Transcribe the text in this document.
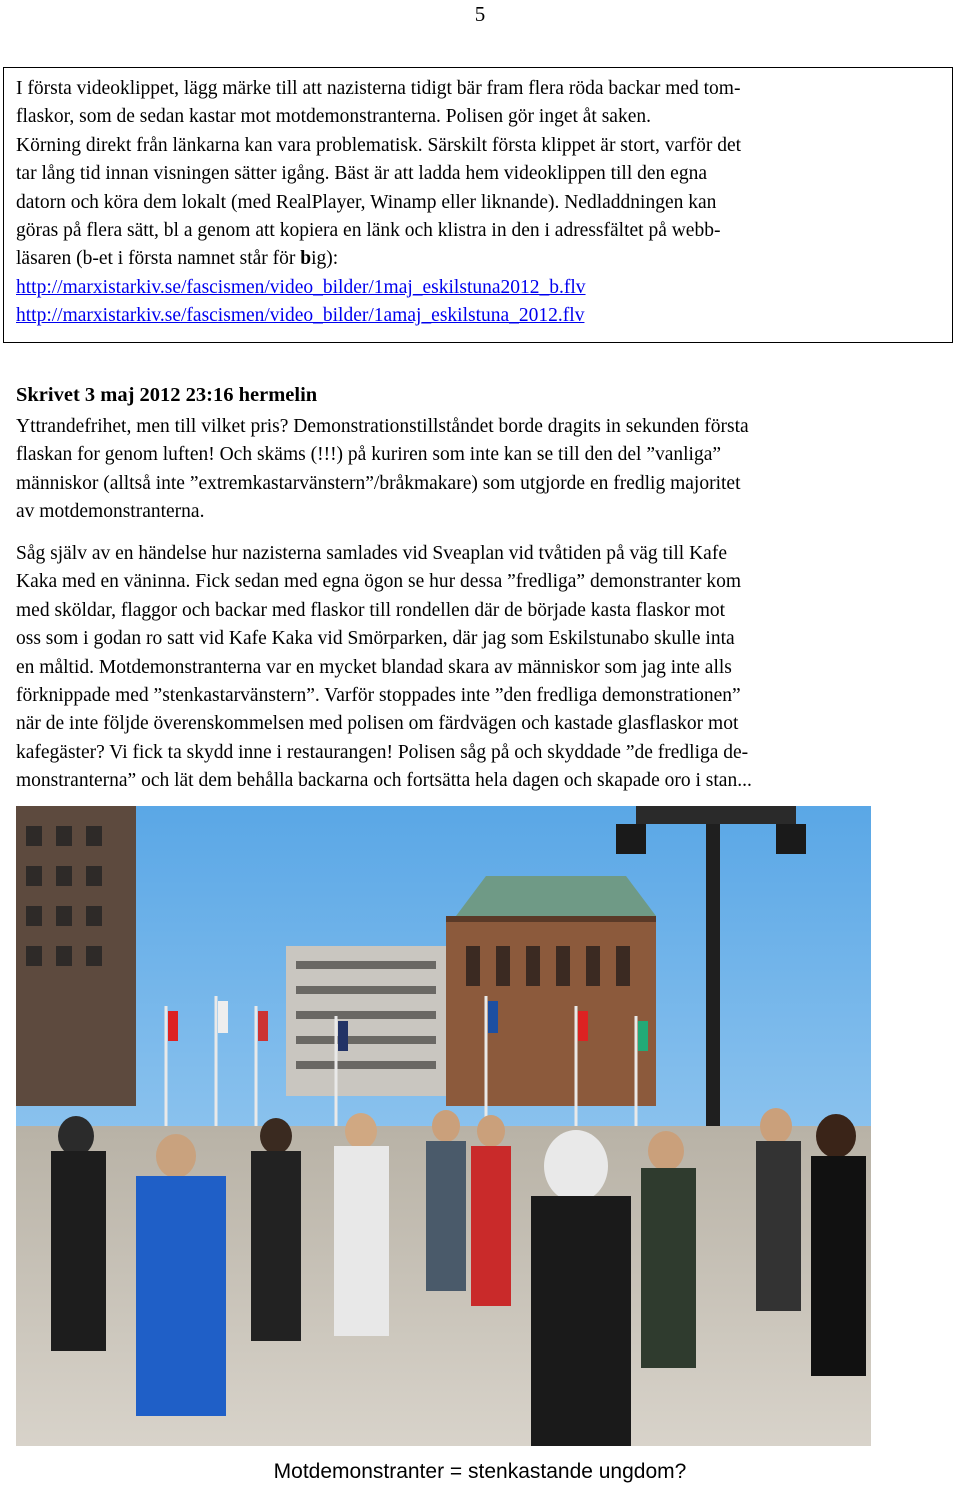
5

I första videoklippet, lägg märke till att nazisterna tidigt bär fram flera röda backar med tom-
flaskor, som de sedan kastar mot motdemonstranterna. Polisen gör inget åt saken.

Körning direkt från länkarna kan vara problematisk. Särskilt första klippet är stort, varför det
tar lång tid innan visningen sätter igång. Bäst är att ladda hem videoklippen till den egna
datorn och köra dem lokalt (med RealPlayer, Winamp eller liknande). Nedladdningen kan
göras på flera sätt, bl a genom att kopiera en länk och klistra in den i adressfältet på webb-
läsaren (b-et i första namnet står för big):
http://marxistarkiv.se/fascismen/video_bilder/1maj_eskilstuna2012_b.flv
http://marxistarkiv.se/fascismen/video_bilder/1amaj_eskilstuna_2012.flv

Skrivet 3 maj 2012 23:16 hermelin

Yttrandefrihet, men till vilket pris? Demonstrationstillståndet borde dragits in sekunden första
flaskan for genom luften! Och skäms (!!!) på kuriren som inte kan se till den del ”vanliga”
människor (alltså inte ”extremkastarvänstern”/bråkmakare) som utgjorde en fredlig majoritet
av motdemonstranterna.

Såg själv av en händelse hur nazisterna samlades vid Sveaplan vid tvåtiden på väg till Kafe
Kaka med en väninna. Fick sedan med egna ögon se hur dessa ”fredliga” demonstranter kom
med sköldar, flaggor och backar med flaskor till rondellen där de började kasta flaskor mot
oss som i godan ro satt vid Kafe Kaka vid Smörparken, där jag som Eskilstunabo skulle inta
en måltid. Motdemonstranterna var en mycket blandad skara av människor som jag inte alls
förknippade med ”stenkastarvänstern”. Varför stoppades inte ”den fredliga demonstrationen”
när de inte följde överenskommelsen med polisen om färdvägen och kastade glasflaskor mot
kafegäster? Vi fick ta skydd inne i restaurangen! Polisen såg på och skyddade ”de fredliga de-
monstranterna” och lät dem behålla backarna och fortsätta hela dagen och skapade oro i stan...

Motdemonstranter = stenkastande ungdom?
